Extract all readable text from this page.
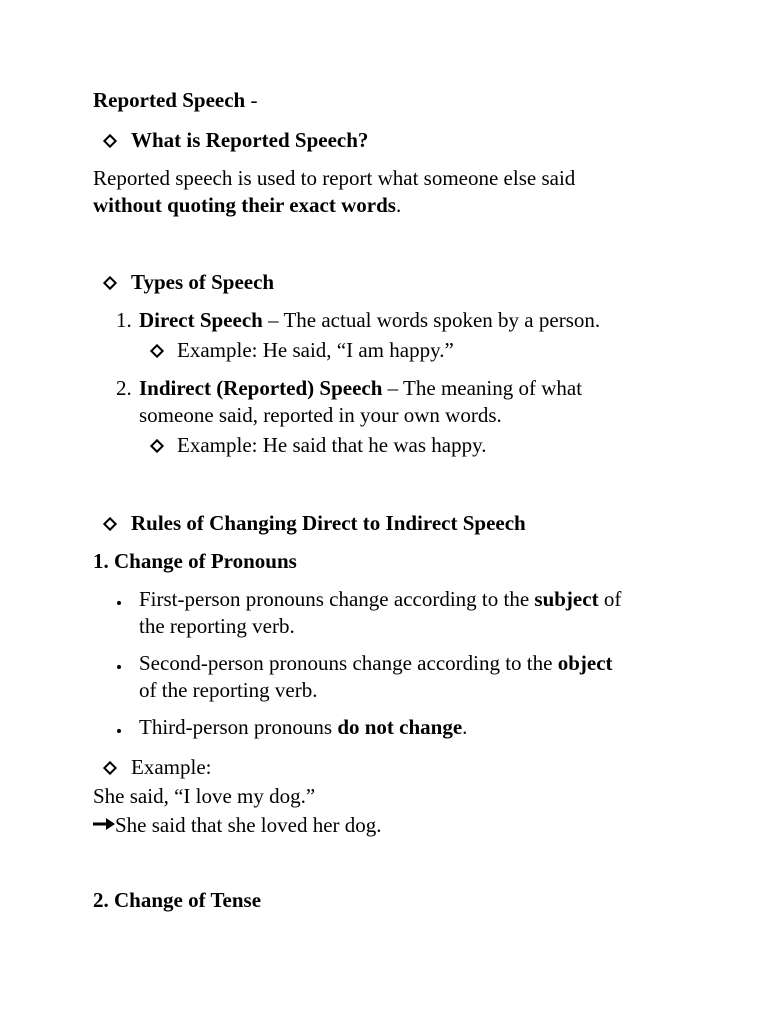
Reported Speech -
What is Reported Speech?
Reported speech is used to report what someone else said
without quoting their exact words.
Types of Speech
1. Direct Speech – The actual words spoken by a person.
Example: He said, “I am happy.”
2. Indirect (Reported) Speech – The meaning of what
someone said, reported in your own words.
Example: He said that he was happy.
Rules of Changing Direct to Indirect Speech
1. Change of Pronouns
First-person pronouns change according to the subject of
the reporting verb.
Second-person pronouns change according to the object
of the reporting verb.
Third-person pronouns do not change.
Example:
She said, “I love my dog.”
She said that she loved her dog.
2. Change of Tense
